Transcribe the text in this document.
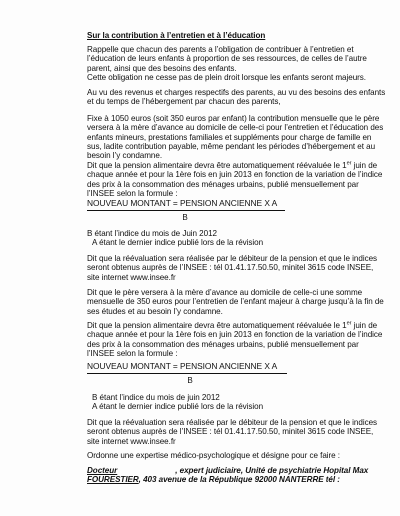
Sur la contribution à l’entretien et à l’éducation
Rappelle que chacun des parents a l’obligation de contribuer à l’entretien et l’éducation de leurs enfants à proportion de ses ressources, de celles de l’autre parent, ainsi que des besoins des enfants.
Cette obligation ne cesse pas de plein droit lorsque les enfants seront majeurs.
Au vu des revenus et charges respectifs des parents, au vu des besoins des enfants et du temps de l’hébergement par chacun des parents,
Fixe à 1050 euros (soit 350 euros par enfant) la contribution mensuelle que le père versera à la mère d’avance au domicile de celle-ci pour l’entretien et l’éducation des enfants mineurs, prestations familiales et suppléments pour charge de famille en sus, ladite contribution payable, même pendant les périodes d’hébergement et au besoin l’y condamne.
Dit que la pension alimentaire devra être automatiquement réévaluée le 1er juin de chaque année et pour la 1ère fois en juin 2013 en fonction de la variation de l’indice des prix à la consommation des ménages urbains, publié mensuellement par l’INSEE selon la formule :
NOUVEAU MONTANT = PENSION ANCIENNE X A
B
B étant l’indice du mois de Juin 2012
A étant le dernier indice publié lors de la révision
Dit que la réévaluation sera réalisée par le débiteur de la pension et que le indices seront obtenus auprès de l’INSEE : tél 01.41.17.50.50, minitel 3615 code INSEE, site internet www.insee.fr
Dit que le père versera à la mère d’avance au domicile de celle-ci une somme mensuelle de 350 euros pour l’entretien de l’enfant majeur à charge jusqu’à la fin de ses études et au besoin l’y condamne.
Dit que la pension alimentaire devra être automatiquement réévaluée le 1er juin de chaque année et pour la 1ère fois en juin 2013 en fonction de la variation de l’indice des prix à la consommation des ménages urbains, publié mensuellement par l’INSEE selon la formule :
NOUVEAU MONTANT = PENSION ANCIENNE X A
B
B étant l’indice du mois de juin 2012
A étant le dernier indice publié lors de la révision
Dit que la réévaluation sera réalisée par le débiteur de la pension et que le indices seront obtenus auprès de l’INSEE : tél 01.41.17.50.50, minitel 3615 code INSEE, site internet www.insee.fr
Ordonne une expertise médico-psychologique et désigne pour ce faire :
Docteur	, expert judiciaire, Unité de psychiatrie Hopital Max
FOURESTIER, 403 avenue de la République 92000 NANTERRE tél :
